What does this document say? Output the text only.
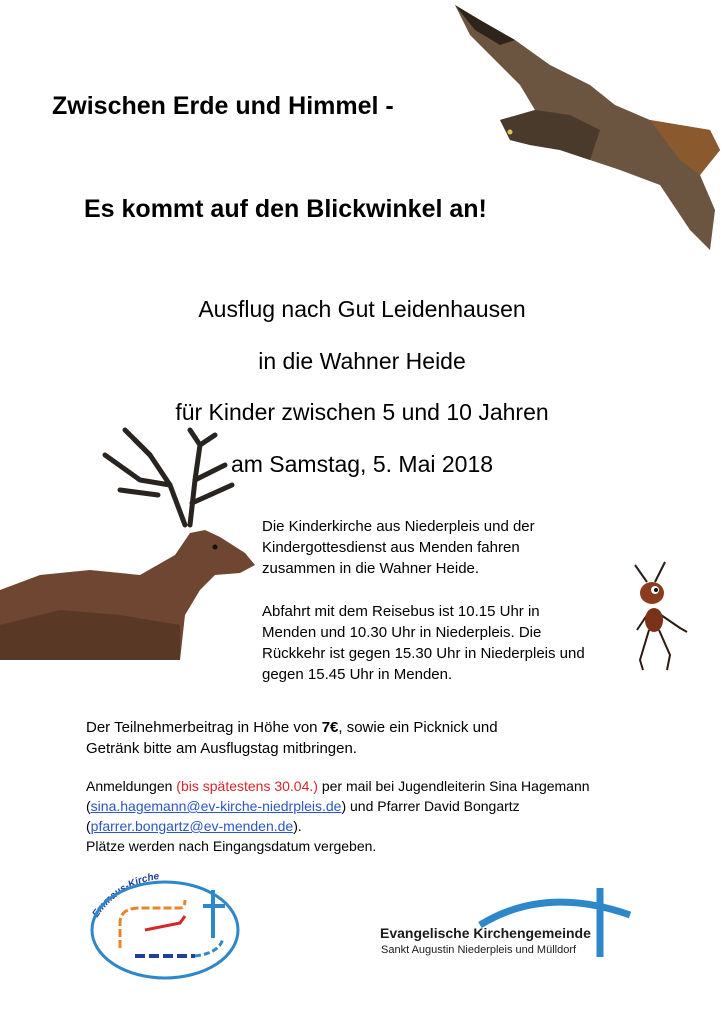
Zwischen Erde und Himmel -
Es kommt auf den Blickwinkel an!
Ausflug nach Gut Leidenhausen
in die Wahner Heide
für Kinder zwischen 5 und 10 Jahren
am Samstag, 5. Mai 2018
Die Kinderkirche aus Niederpleis und der
Kindergottesdienst aus Menden fahren
zusammen in die Wahner Heide.
Abfahrt mit dem Reisebus ist 10.15 Uhr in
Menden und 10.30 Uhr in Niederpleis. Die
Rückkehr ist gegen 15.30 Uhr in Niederpleis und
gegen 15.45 Uhr in Menden.
Der Teilnehmerbeitrag in Höhe von 7€, sowie ein Picknick und
Getränk bitte am Ausflugstag mitbringen.
Anmeldungen (bis spätestens 30.04.) per mail bei Jugendleiterin Sina Hagemann
(sina.hagemann@ev-kirche-niedrpleis.de) und Pfarrer David Bongartz
(pfarrer.bongartz@ev-menden.de).
Plätze werden nach Eingangsdatum vergeben.
Emmaus-Kirche
Evangelische Kirchengemeinde
Sankt Augustin Niederpleis und Mülldorf
